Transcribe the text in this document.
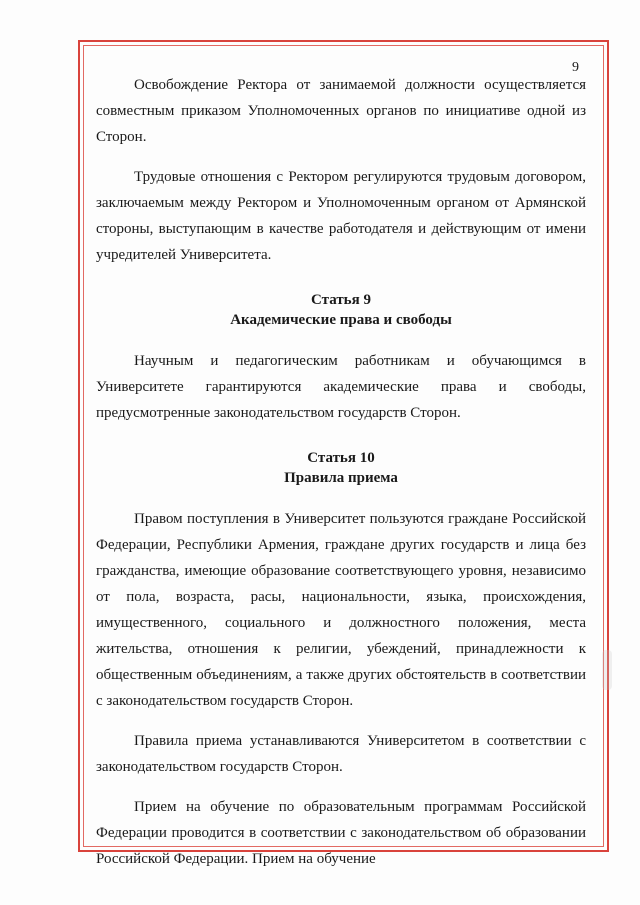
9

Освобождение Ректора от занимаемой должности осуществляется совместным приказом Уполномоченных органов по инициативе одной из Сторон.

Трудовые отношения с Ректором регулируются трудовым договором, заключаемым между Ректором и Уполномоченным органом от Армянской стороны, выступающим в качестве работодателя и действующим от имени учредителей Университета.

Статья 9

Академические права и свободы

Научным и педагогическим работникам и обучающимся в Университете гарантируются академические права и свободы, предусмотренные законодательством государств Сторон.

Статья 10

Правила приема

Правом поступления в Университет пользуются граждане Российской Федерации, Республики Армения, граждане других государств и лица без гражданства, имеющие образование соответствующего уровня, независимо от пола, возраста, расы, национальности, языка, происхождения, имущественного, социального и должностного положения, места жительства, отношения к религии, убеждений, принадлежности к общественным объединениям, а также других обстоятельств в соответствии с законодательством государств Сторон.

Правила приема устанавливаются Университетом в соответствии с законодательством государств Сторон.

Прием на обучение по образовательным программам Российской Федерации проводится в соответствии с законодательством об образовании Российской Федерации. Прием на обучение
